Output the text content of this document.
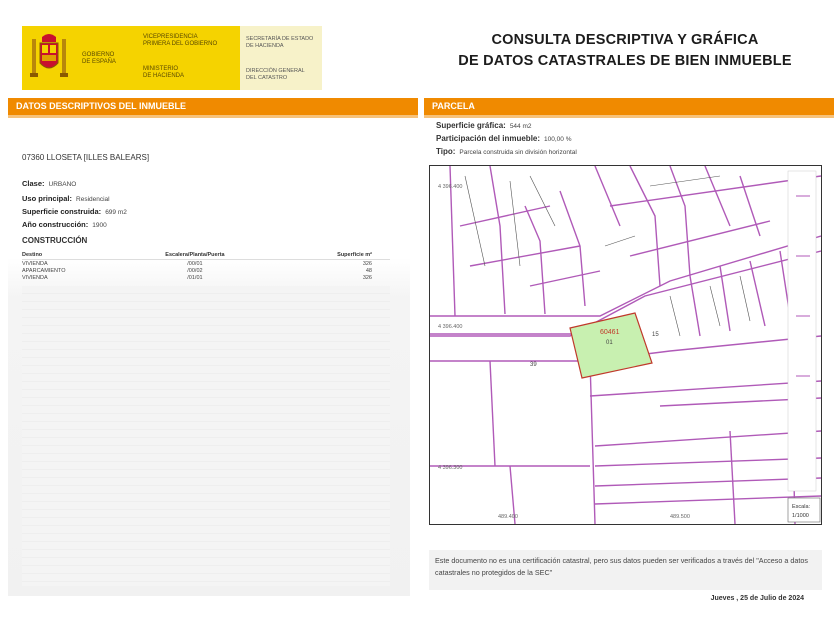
GOBIERNO
DE ESPAÑA
VICEPRESIDENCIA
PRIMERA DEL GOBIERNO
MINISTERIO
DE HACIENDA
SECRETARÍA DE ESTADO
DE HACIENDA
DIRECCIÓN GENERAL
DEL CATASTRO
CONSULTA DESCRIPTIVA Y GRÁFICA
DE DATOS CATASTRALES DE BIEN INMUEBLE
DATOS DESCRIPTIVOS DEL INMUEBLE	PARCELA
07360 LLOSETA [ILLES BALEARS]
Clase: URBANO
Uso principal: Residencial
Superficie construida: 699 m2
Año construcción: 1900
CONSTRUCCIÓN
Destino	Escalera/Planta/Puerta	Superficie m²
VIVIENDA	/00/01	326
APARCAMIENTO	/00/02	48
VIVIENDA	/01/01	326
Superficie gráfica: 544 m2
Participación del inmueble: 100,00 %
Tipo: Parcela construida sin división horizontal
4 396.400
4 396.400
4 396.300
489.400	489.500
60461
01
39
15
Escala:
1/1000
Este documento no es una certificación catastral, pero sus datos pueden ser verificados a través del "Acceso a datos catastrales no protegidos de la SEC"
Jueves , 25 de Julio de 2024
